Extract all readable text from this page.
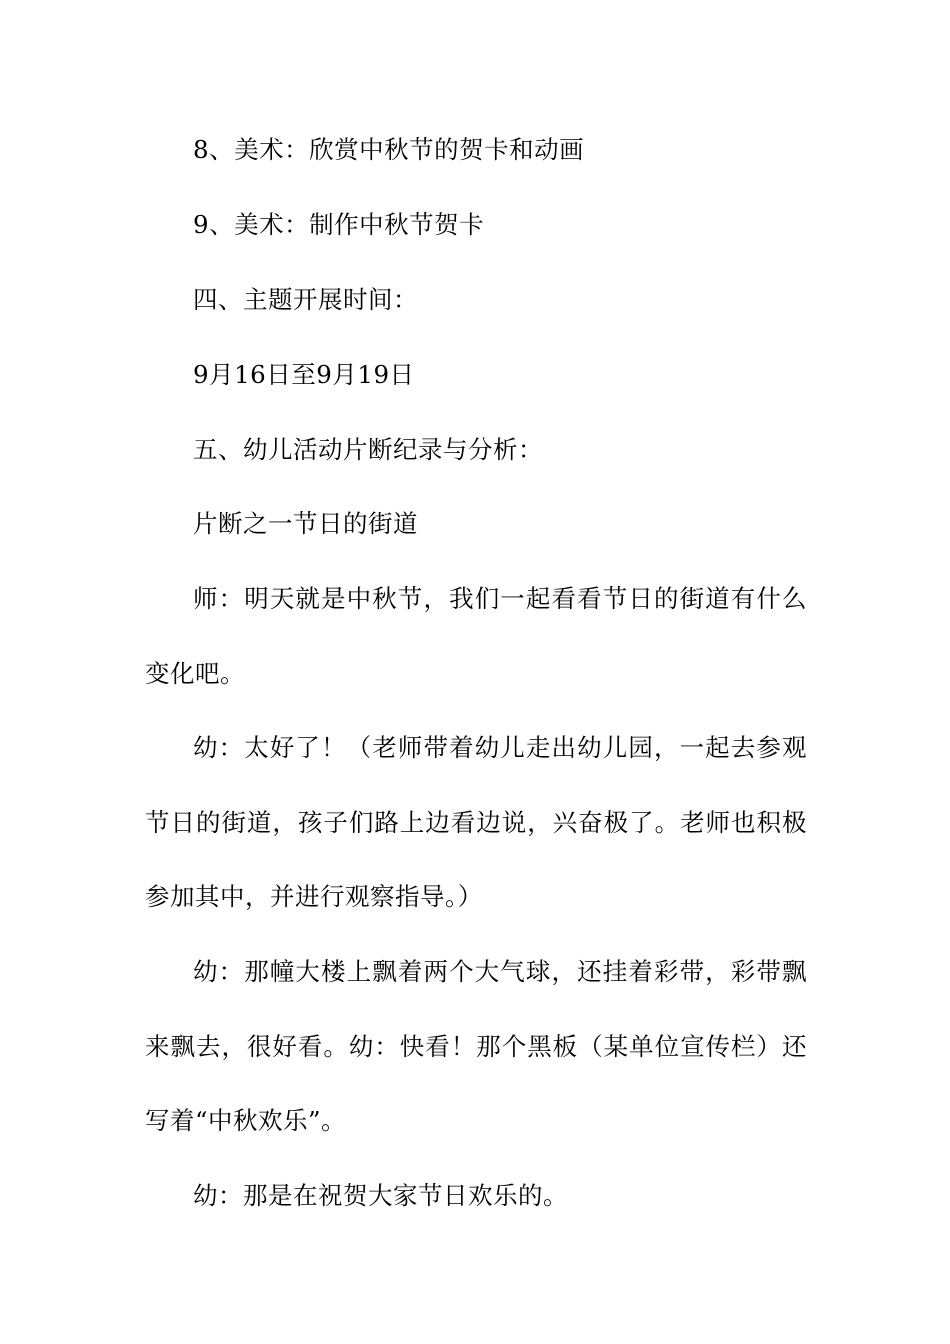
8、美术：欣赏中秋节的贺卡和动画

9、美术：制作中秋节贺卡

四、主题开展时间：

9月16日至9月19日

五、幼儿活动片断纪录与分析：

片断之一节日的街道

师：明天就是中秋节，我们一起看看节日的街道有什么变化吧。

幼：太好了！（老师带着幼儿走出幼儿园，一起去参观节日的街道，孩子们路上边看边说，兴奋极了。老师也积极参加其中，并进行观察指导。）

幼：那幢大楼上飘着两个大气球，还挂着彩带，彩带飘来飘去，很好看。幼：快看！那个黑板（某单位宣传栏）还写着“中秋欢乐”。

幼：那是在祝贺大家节日欢乐的。
